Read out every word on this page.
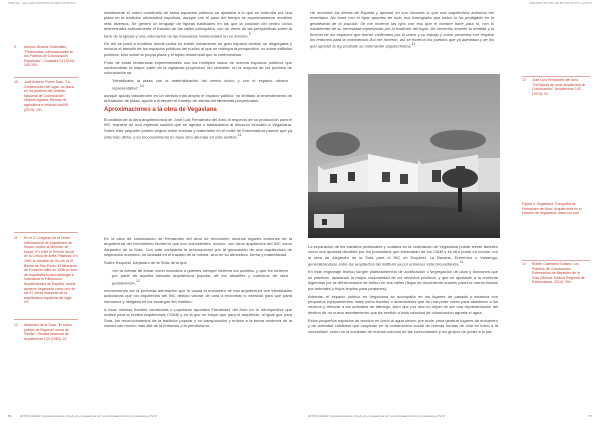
TEMA 111 · Jerez 2020 2020 DOFS·FS·2020·100·PP·XXX
9 Antonio Álvarez Tordesillas, "Referencias Internacionales en los Pueblos de Colonización Españoles", Ciudades 13 (2010): 193-194.
10 José Antonio Flores Soto, "La Construcción del lugar. La plaza en los pueblos del Instituto Nacional de Colonización", Historia Agraria. Revista de agricultura e historia rural 60 (2013): 131.
11 En el V Congreso de la Unión Internacional de Arquitectos de Moscú recibió la Mención de Honor. En 1959 el Premio Anual de la Crítica de Artes Plásticas. En 1961 la medalla de Oro en la VI Bienal de Sao Paulo. El Ministerio de Fomento editó en 1998 la Guía de Arquitectura para catalogar e inventariar el Patrimonio Arquitectónico de España, donde aparece Vegaviana como uno de los 67 obras maestras de la arquitectura española del siglo XX.
12 Alejandro de la Sota, "El nuevo pueblo de Esquivel, cerca de Sevilla", Revista Nacional de Arquitectura 133 (1953): 22.

inicialmente el orden construido de estos espacios públicos se ajustaba a lo que se entendía por una plaza en la tradición urbanística española, aunque con el paso del tiempo se experimentaron modelos más diversos. Se generó un lenguaje de figuras habituales en las que la posición del centro cívico determinaba estrictamente el trazado de las calles principales, con un cierre de las perspectivas sobre la torre de la iglesia y una ordenación de las manzanas residenciales en su entorno.$^9$

De ahí se pasó a modelos donde podía no existir únicamente un gran espacio central, se disgregaba y reducía el tamaño de los espacios públicos del núcleo al que se redirigía la perspectiva, no sobre edificios públicos, sino sobre la propia plaza y el tejido residencial que la conformaban.

Fruto de estas tendencias experimentales son los múltiples casos de nuevos espacios públicos que conformaban la mayor parte de la vigilancia proyectual. No obstante, en la mayoría de los pueblos de colonización se

"identificaba la plaza con la materialización del centro cívico y con el espacio urbano representativo",$^{10}$

aunque quizás trascienden en un sentido más amplio el espacio público, no limitado al entendimiento de la tradición de plaza, ayude a entender el manejo de ciertas herramientas proyectuales.

Aproximaciones a la obra de Vegaviana

El análisis de la obra arquitectónica de José Luis Fernández del Amo al respecto de su producción para el INC requiere de una especial cautela que se agrupa o trasladamos al discurso evocado a Vegaviana. Sobre este pequeño pueblo erigido entre encinas y materiales en el norte de Extremadura parece que ya está todo dicho, y su reconocimiento no hace sino abundar en este sentido.$^{11}$

En la obra de colonización de Fernández del Amo se reconocen muchos lugares comunes de la arquitectura del Movimiento Moderno que son coincidentes, incluso, con otros arquitectos del INC como Alejandro de la Sota. Con este compartía la preocupación por la generación de una arquitectura de inspiración anónima, no lanzada en el trazado de la misma, sino en su atmósfera, forma y materialidad.

Sobre Esquivel, Alejandro de la Sota, diría que

«en la intenta de tomar como maestros a quienes siempre hicieron los pueblos, y que los hicieron por parte de aquella llamada arquitectura popular, de los albañiles y maestros de obra pueblerinos»,$^{12}$

reconociendo así la profunda admiración que le causa el encuentro de esa arquitectura con identidades autóctonas que los arquitectos del INC debían valorar de cara a encontrar lo esencial para que parta intrínseca y obligada en los encargos del Instituto.

A esas mismas fuentes vernáculas o populares apuntará Fernández del Amo en la retrospectiva que realiza para la revista Arquitectura COAM y en la que se intuye que para el arquitecto, al igual que para Sota, los reconocimientos de la tradición popular y su transposición y enlace a la forma moderna de la ciudad van mucho más allá de la imitación o la primitivismo.

56	ZETTAS ALFANÚ | Laboratorio del arte | Fondo de un pequeño de voz | sus Ferrandez del Amo | la Vegaviana pp 52-67
2020 DOFS·FS·2020·100·PP·XXX·PP·XXX / pp 52-67

He recorrido las tierras de España y aprendí en sus rincones lo que una arquitectura anónima me enseñaba. No tomé con el lápiz apuntes de todo esa iconografía que todos la ha prodigado en la geobéseda de lo popular. Se me hicieron las ojos con eso que el hombre hace para sí, con lo establecido de su necesidad expresando por la tradición del lugar. De sectorías enseñé la medida y la función de los espacios que fueron vivificados por la unión y su trabajo y como presentía con respeto los entornos para la convivencia. Así me hicieron, así se hicieron los pueblos que ya admiraba y de los que aprendí la ley ocultade su ordenación arquitectónica.$^{13}$

13 José Luis Fernández del Amo, "Del llamar de unos arquitectos de Colonización", Arquitectura 192 (1974): 32.
Figura 4. Vegaviana. Fotografía de Fernández del Amo. Arquitectura en el entorno de Vegaviana. www.xxx.com
14 Rubén Cabecera Soriano, Los Pueblos de Colonización Extremeños de Alejandro de la Sota (Mérida: Editora Regional de Extremadura, 2014): 204.

La separación de los tránsitos peatonales y rodados en la ordenación de Vegaviana puede leerse también como una apuesta decidida por los postulados que emanaban de los CIAM y es otro punto en común con la obra de Alejandro de la Sota para el INC en Esquivel, La Bazana, Entrerríos o Valuengo; generalizándose entre los arquitectos del instituto ya por entonces esta circunstancia.$^{14}$

En este engranaje teórico surgen planteamientos de zonificación o segregación de usos y funciones que se plantean, ajustando la mayor racionalidad de los servicios públicos, y que se ajustarán a la corriente higienista por la diferenciación de tráfico en sus calles (flujos de movimiento suaves para los carros tirados por animales y flujos limpios para peatones).

Además, el espacio público en Vegaviana se acompaña en los lugares de pasada y estancia con pequeños equipamientos, tales como fuentes o abrevaderos que de una parte crean para abastecer a los vecinos y reforzar a los animales de labriego, pero que por otra no dejan de ser una representación del destino de un nuevo asentamiento que da sentido a toda voluntad de colonización agraria el agua.

Estos pequeños espacios de reunión en torno al agua sirven, por ende, para generar lugares de encuentro y de actividad cotidiana que cooperan en la construcción social de nuevas formas de vida en torno a la comunidad, como en la sociedad de nuevos colonos de las comunidades y los grupos de poder a la par.

ZETTAS ALFANÚ | Laboratorio del arte | Fondo de un pequeño de voz | sus Ferrandez del Amo | la Vegaviana pp 52-67	57
